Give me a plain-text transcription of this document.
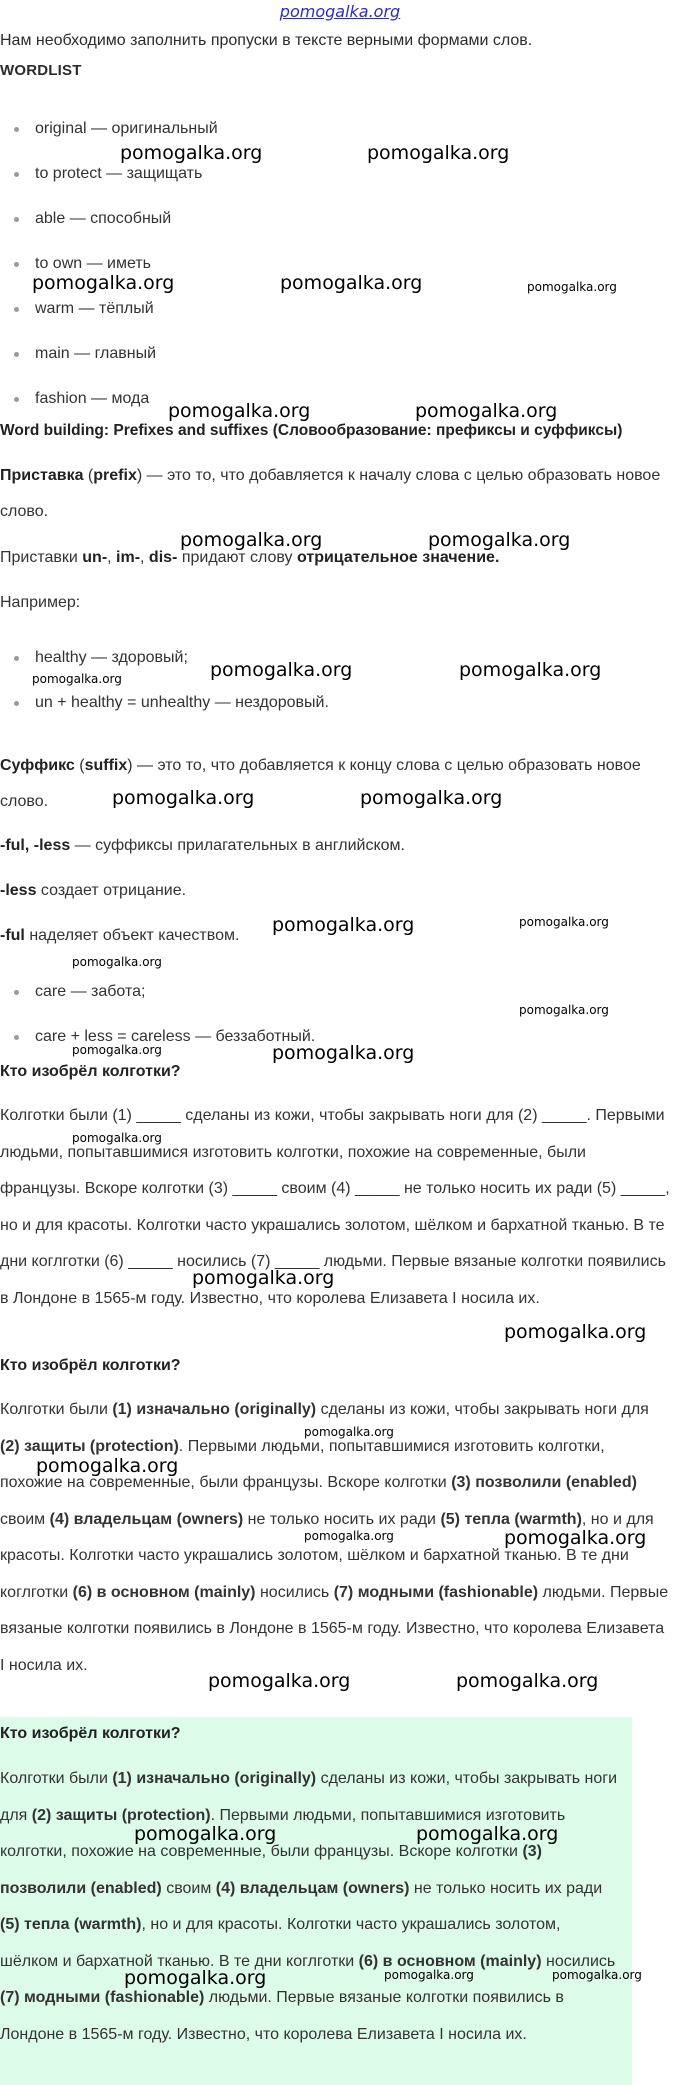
pomogalka.org
Нам необходимо заполнить пропуски в тексте верными формами слов.
WORDLIST
original — оригинальный
to protect — защищать
able — способный
to own — иметь
warm — тёплый
main — главный
fashion — мода
Word building: Prefixes and suffixes (Словообразование: префиксы и суффиксы)
Приставка (prefix) — это то, что добавляется к началу слова с целью образовать новое слово.
Приставки un-, im-, dis- придают слову отрицательное значение.
Например:
healthy — здоровый;
un + healthy = unhealthy — нездоровый.
Суффикс (suffix) — это то, что добавляется к концу слова с целью образовать новое слово.
-ful, -less — суффиксы прилагательных в английском.
-less создает отрицание.
-ful наделяет объект качеством.
care — забота;
care + less = careless — беззаботный.
Кто изобрёл колготки?
Колготки были (1) _____ сделаны из кожи, чтобы закрывать ноги для (2) _____. Первыми людьми, попытавшимися изготовить колготки, похожие на современные, были французы. Вскоре колготки (3) _____ своим (4) _____ не только носить их ради (5) _____, но и для красоты. Колготки часто украшались золотом, шёлком и бархатной тканью. В те дни коглготки (6) _____ носились (7) _____ людьми. Первые вязаные колготки появились в Лондоне в 1565-м году. Известно, что королева Елизавета I носила их.
Кто изобрёл колготки?
Колготки были (1) изначально (originally) сделаны из кожи, чтобы закрывать ноги для (2) защиты (protection). Первыми людьми, попытавшимися изготовить колготки, похожие на современные, были французы. Вскоре колготки (3) позволили (enabled) своим (4) владельцам (owners) не только носить их ради (5) тепла (warmth), но и для красоты. Колготки часто украшались золотом, шёлком и бархатной тканью. В те дни коглготки (6) в основном (mainly) носились (7) модными (fashionable) людьми. Первые вязаные колготки появились в Лондоне в 1565-м году. Известно, что королева Елизавета I носила их.
Кто изобрёл колготки?
Колготки были (1) изначально (originally) сделаны из кожи, чтобы закрывать ноги для (2) защиты (protection). Первыми людьми, попытавшимися изготовить колготки, похожие на современные, были французы. Вскоре колготки (3) позволили (enabled) своим (4) владельцам (owners) не только носить их ради (5) тепла (warmth), но и для красоты. Колготки часто украшались золотом, шёлком и бархатной тканью. В те дни коглготки (6) в основном (mainly) носились (7) модными (fashionable) людьми. Первые вязаные колготки появились в Лондоне в 1565-м году. Известно, что королева Елизавета I носила их.
pomogalka.org	pomogalka.org
pomogalka.org	pomogalka.org	pomogalka.org
pomogalka.org	pomogalka.org
pomogalka.org	pomogalka.org
pomogalka.org	pomogalka.org	pomogalka.org
pomogalka.org	pomogalka.org
pomogalka.org	pomogalka.org
pomogalka.org
pomogalka.org
pomogalka.org	pomogalka.org
pomogalka.org
pomogalka.org
pomogalka.org
pomogalka.org
pomogalka.org
pomogalka.org	pomogalka.org
pomogalka.org	pomogalka.org
pomogalka.org	pomogalka.org
pomogalka.org	pomogalka.org	pomogalka.org
